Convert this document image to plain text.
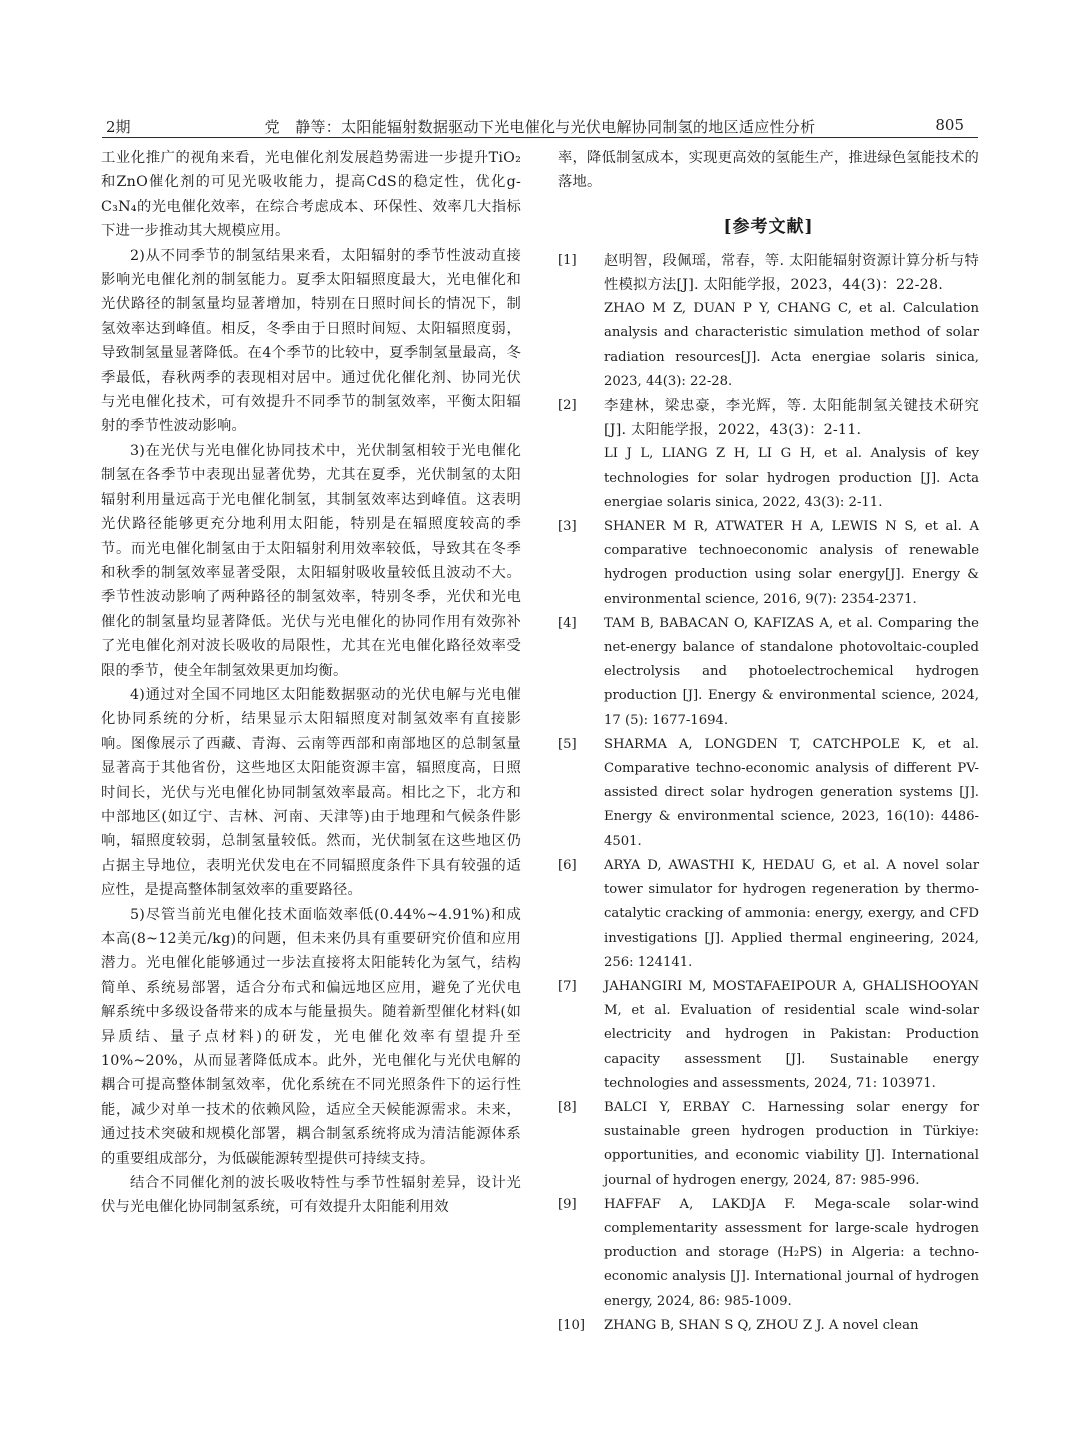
2期	党　静等：太阳能辐射数据驱动下光电催化与光伏电解协同制氢的地区适应性分析	805

工业化推广的视角来看，光电催化剂发展趋势需进一步提升TiO₂和ZnO催化剂的可见光吸收能力，提高CdS的稳定性，优化g-C₃N₄的光电催化效率，在综合考虑成本、环保性、效率几大指标下进一步推动其大规模应用。

2)从不同季节的制氢结果来看，太阳辐射的季节性波动直接影响光电催化剂的制氢能力。夏季太阳辐照度最大，光电催化和光伏路径的制氢量均显著增加，特别在日照时间长的情况下，制氢效率达到峰值。相反，冬季由于日照时间短、太阳辐照度弱，导致制氢量显著降低。在4个季节的比较中，夏季制氢量最高，冬季最低，春秋两季的表现相对居中。通过优化催化剂、协同光伏与光电催化技术，可有效提升不同季节的制氢效率，平衡太阳辐射的季节性波动影响。

3)在光伏与光电催化协同技术中，光伏制氢相较于光电催化制氢在各季节中表现出显著优势，尤其在夏季，光伏制氢的太阳辐射利用量远高于光电催化制氢，其制氢效率达到峰值。这表明光伏路径能够更充分地利用太阳能，特别是在辐照度较高的季节。而光电催化制氢由于太阳辐射利用效率较低，导致其在冬季和秋季的制氢效率显著受限，太阳辐射吸收量较低且波动不大。季节性波动影响了两种路径的制氢效率，特别冬季，光伏和光电催化的制氢量均显著降低。光伏与光电催化的协同作用有效弥补了光电催化剂对波长吸收的局限性，尤其在光电催化路径效率受限的季节，使全年制氢效果更加均衡。

4)通过对全国不同地区太阳能数据驱动的光伏电解与光电催化协同系统的分析，结果显示太阳辐照度对制氢效率有直接影响。图像展示了西藏、青海、云南等西部和南部地区的总制氢量显著高于其他省份，这些地区太阳能资源丰富，辐照度高，日照时间长，光伏与光电催化协同制氢效率最高。相比之下，北方和中部地区(如辽宁、吉林、河南、天津等)由于地理和气候条件影响，辐照度较弱，总制氢量较低。然而，光伏制氢在这些地区仍占据主导地位，表明光伏发电在不同辐照度条件下具有较强的适应性，是提高整体制氢效率的重要路径。

5)尽管当前光电催化技术面临效率低(0.44%~4.91%)和成本高(8~12美元/kg)的问题，但未来仍具有重要研究价值和应用潜力。光电催化能够通过一步法直接将太阳能转化为氢气，结构简单、系统易部署，适合分布式和偏远地区应用，避免了光伏电解系统中多级设备带来的成本与能量损失。随着新型催化材料(如异质结、量子点材料)的研发，光电催化效率有望提升至10%~20%，从而显著降低成本。此外，光电催化与光伏电解的耦合可提高整体制氢效率，优化系统在不同光照条件下的运行性能，减少对单一技术的依赖风险，适应全天候能源需求。未来，通过技术突破和规模化部署，耦合制氢系统将成为清洁能源体系的重要组成部分，为低碳能源转型提供可持续支持。

结合不同催化剂的波长吸收特性与季节性辐射差异，设计光伏与光电催化协同制氢系统，可有效提升太阳能利用效

率，降低制氢成本，实现更高效的氢能生产，推进绿色氢能技术的落地。

[参考文献]
[1] 赵明智，段佩瑶，常春，等. 太阳能辐射资源计算分析与特性模拟方法[J]. 太阳能学报，2023，44(3)：22-28.
ZHAO M Z, DUAN P Y, CHANG C, et al. Calculation analysis and characteristic simulation method of solar radiation resources[J]. Acta energiae solaris sinica, 2023, 44(3): 22-28.
[2] 李建林，梁忠豪，李光辉，等. 太阳能制氢关键技术研究[J]. 太阳能学报，2022，43(3)：2-11.
LI J L, LIANG Z H, LI G H, et al. Analysis of key technologies for solar hydrogen production [J]. Acta energiae solaris sinica, 2022, 43(3): 2-11.
[3] SHANER M R, ATWATER H A, LEWIS N S, et al. A comparative technoeconomic analysis of renewable hydrogen production using solar energy[J]. Energy & environmental science, 2016, 9(7): 2354-2371.
[4] TAM B, BABACAN O, KAFIZAS A, et al. Comparing the net-energy balance of standalone photovoltaic-coupled electrolysis and photoelectrochemical hydrogen production [J]. Energy & environmental science, 2024, 17 (5): 1677-1694.
[5] SHARMA A, LONGDEN T, CATCHPOLE K, et al. Comparative techno-economic analysis of different PV-assisted direct solar hydrogen generation systems [J]. Energy & environmental science, 2023, 16(10): 4486-4501.
[6] ARYA D, AWASTHI K, HEDAU G, et al. A novel solar tower simulator for hydrogen regeneration by thermo-catalytic cracking of ammonia: energy, exergy, and CFD investigations [J]. Applied thermal engineering, 2024, 256: 124141.
[7] JAHANGIRI M, MOSTAFAEIPOUR A, GHALISHOOYAN M, et al. Evaluation of residential scale wind-solar electricity and hydrogen in Pakistan: Production capacity assessment [J]. Sustainable energy technologies and assessments, 2024, 71: 103971.
[8] BALCI Y, ERBAY C. Harnessing solar energy for sustainable green hydrogen production in Türkiye: opportunities, and economic viability [J]. International journal of hydrogen energy, 2024, 87: 985-996.
[9] HAFFAF A, LAKDJA F. Mega-scale solar-wind complementarity assessment for large-scale hydrogen production and storage (H₂PS) in Algeria: a techno-economic analysis [J]. International journal of hydrogen energy, 2024, 86: 985-1009.
[10] ZHANG B, SHAN S Q, ZHOU Z J. A novel clean
